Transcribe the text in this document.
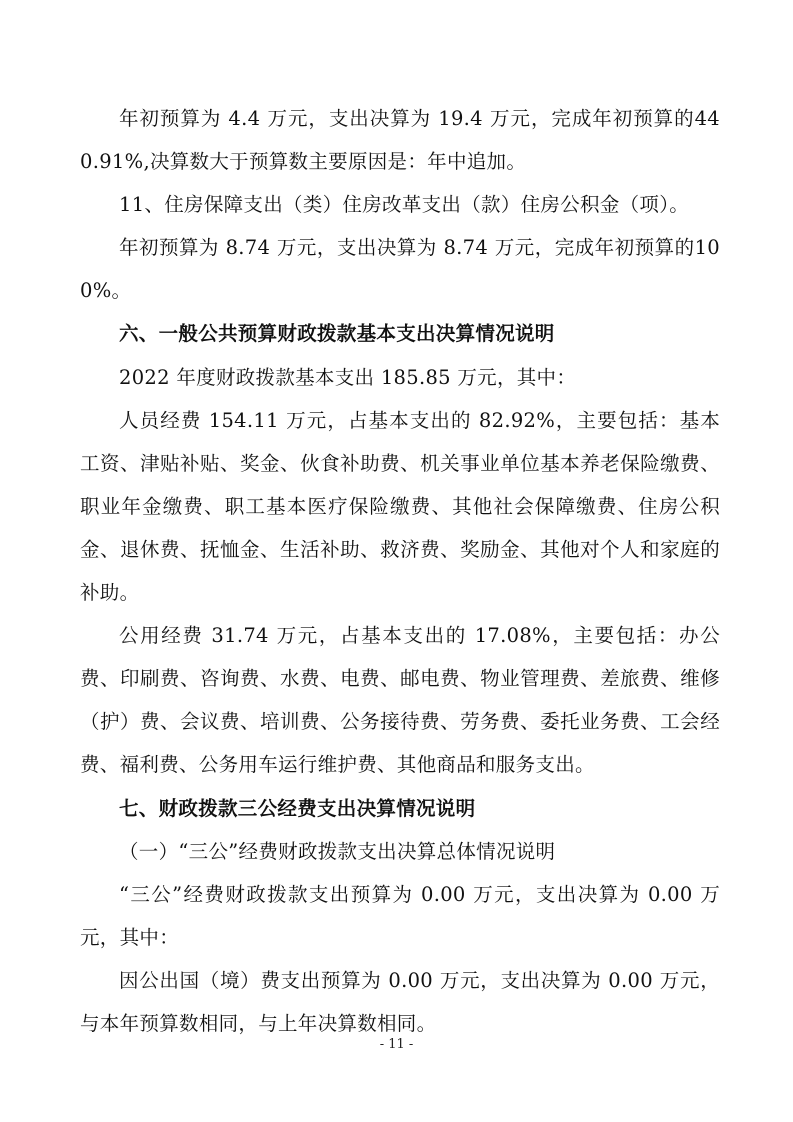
年初预算为 4.4 万元，支出决算为 19.4 万元，完成年初预算的440.91%,决算数大于预算数主要原因是：年中追加。

11、住房保障支出（类）住房改革支出（款）住房公积金（项）。

年初预算为 8.74 万元，支出决算为 8.74 万元，完成年初预算的100%。

六、一般公共预算财政拨款基本支出决算情况说明

2022 年度财政拨款基本支出 185.85 万元，其中：

人员经费 154.11 万元，占基本支出的 82.92%，主要包括：基本工资、津贴补贴、奖金、伙食补助费、机关事业单位基本养老保险缴费、职业年金缴费、职工基本医疗保险缴费、其他社会保障缴费、住房公积金、退休费、抚恤金、生活补助、救济费、奖励金、其他对个人和家庭的补助。

公用经费 31.74 万元，占基本支出的 17.08%，主要包括：办公费、印刷费、咨询费、水费、电费、邮电费、物业管理费、差旅费、维修（护）费、会议费、培训费、公务接待费、劳务费、委托业务费、工会经费、福利费、公务用车运行维护费、其他商品和服务支出。

七、财政拨款三公经费支出决算情况说明

（一）“三公”经费财政拨款支出决算总体情况说明

“三公”经费财政拨款支出预算为 0.00 万元，支出决算为 0.00 万元，其中：

因公出国（境）费支出预算为 0.00 万元，支出决算为 0.00 万元，与本年预算数相同，与上年决算数相同。

- 11 -
